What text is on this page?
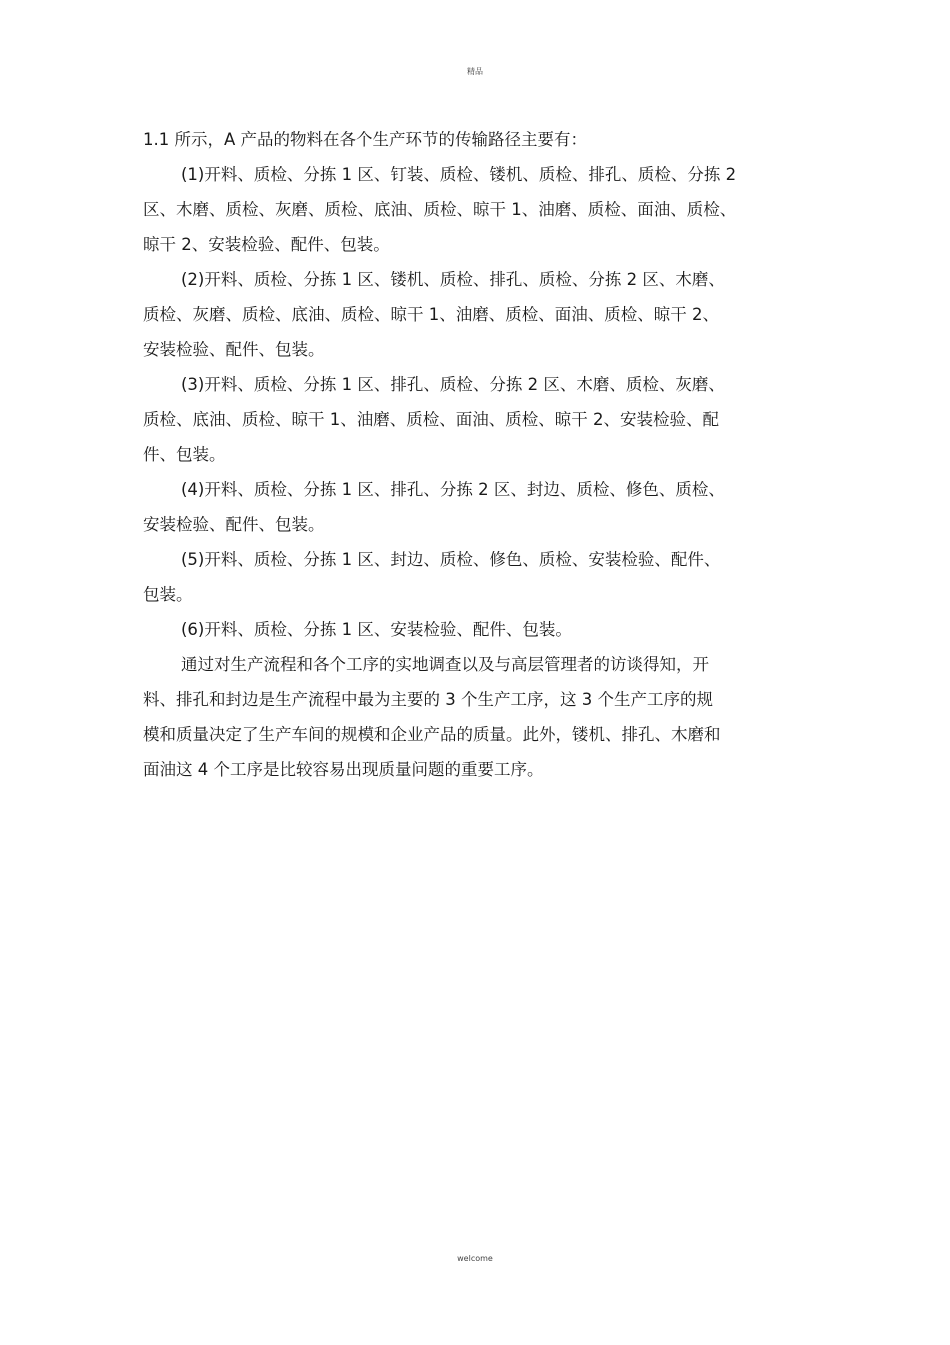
精品
1.1 所示，A 产品的物料在各个生产环节的传输路径主要有：
(1)开料、质检、分拣 1 区、钉装、质检、镂机、质检、排孔、质检、分拣 2
区、木磨、质检、灰磨、质检、底油、质检、晾干 1、油磨、质检、面油、质检、
晾干 2、安装检验、配件、包装。
(2)开料、质检、分拣 1 区、镂机、质检、排孔、质检、分拣 2 区、木磨、
质检、灰磨、质检、底油、质检、晾干 1、油磨、质检、面油、质检、晾干 2、
安装检验、配件、包装。
(3)开料、质检、分拣 1 区、排孔、质检、分拣 2 区、木磨、质检、灰磨、
质检、底油、质检、晾干 1、油磨、质检、面油、质检、晾干 2、安装检验、配
件、包装。
(4)开料、质检、分拣 1 区、排孔、分拣 2 区、封边、质检、修色、质检、
安装检验、配件、包装。
(5)开料、质检、分拣 1 区、封边、质检、修色、质检、安装检验、配件、
包装。
(6)开料、质检、分拣 1 区、安装检验、配件、包装。
通过对生产流程和各个工序的实地调查以及与高层管理者的访谈得知，开
料、排孔和封边是生产流程中最为主要的 3 个生产工序，这 3 个生产工序的规
模和质量决定了生产车间的规模和企业产品的质量。此外，镂机、排孔、木磨和
面油这 4 个工序是比较容易出现质量问题的重要工序。
welcome
